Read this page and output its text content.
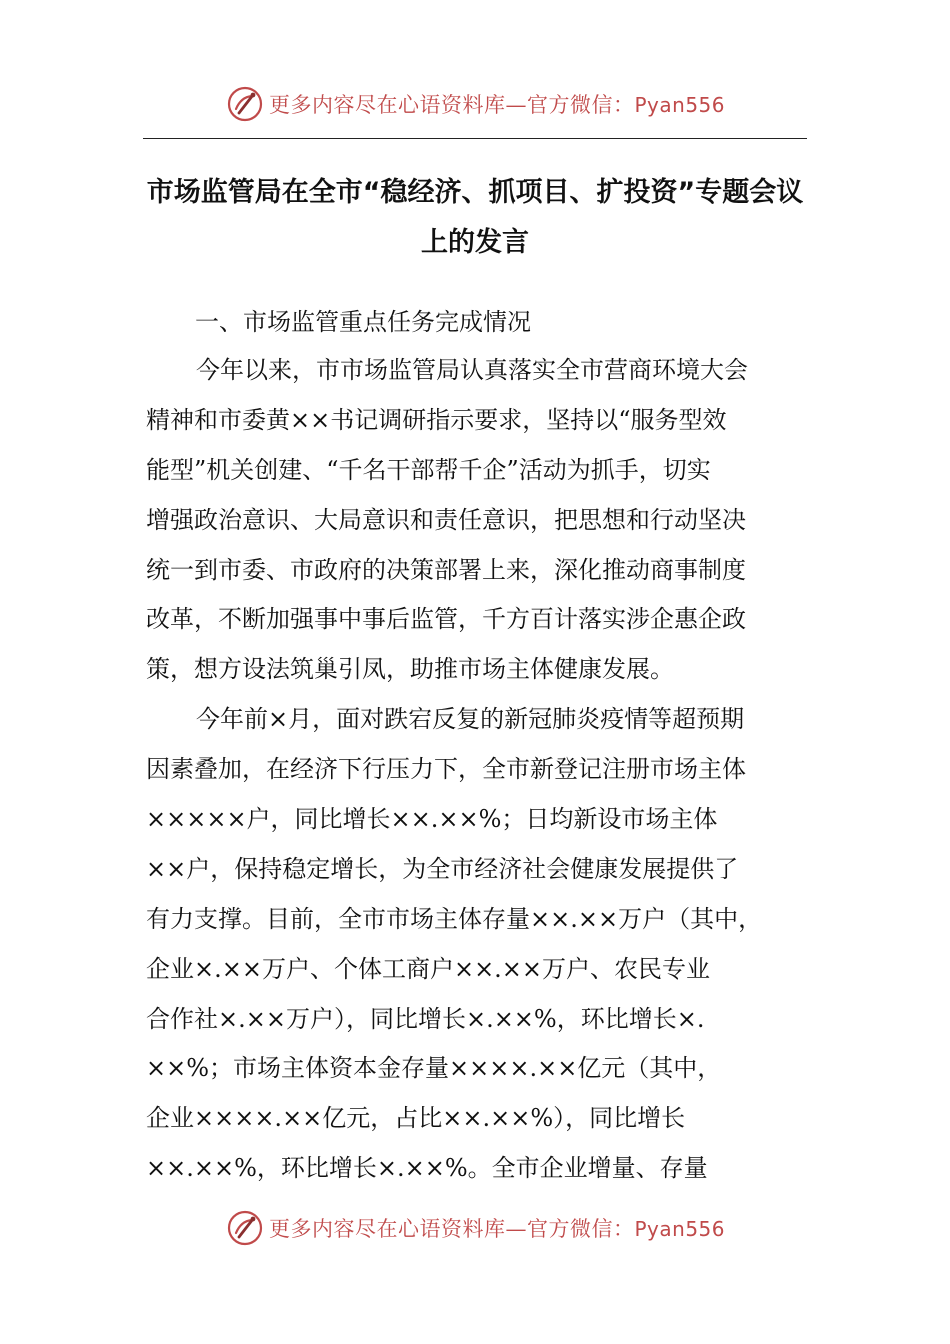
更多内容尽在心语资料库—官方微信：Pyan556
市场监管局在全市“稳经济、抓项目、扩投资”专题会议
上的发言
一、市场监管重点任务完成情况
今年以来，市市场监管局认真落实全市营商环境大会
精神和市委黄××书记调研指示要求，坚持以“服务型效
能型”机关创建、“千名干部帮千企”活动为抓手，切实
增强政治意识、大局意识和责任意识，把思想和行动坚决
统一到市委、市政府的决策部署上来，深化推动商事制度
改革，不断加强事中事后监管，千方百计落实涉企惠企政
策，想方设法筑巢引凤，助推市场主体健康发展。
今年前×月，面对跌宕反复的新冠肺炎疫情等超预期
因素叠加，在经济下行压力下，全市新登记注册市场主体
×××××户，同比增长××.××%；日均新设市场主体
××户，保持稳定增长，为全市经济社会健康发展提供了
有力支撑。目前，全市市场主体存量××.××万户（其中，
企业×.××万户、个体工商户××.××万户、农民专业
合作社×.××万户），同比增长×.××%，环比增长×.
××%；市场主体资本金存量××××.××亿元（其中，
企业××××.××亿元，占比××.××%），同比增长
××.××%，环比增长×.××%。全市企业增量、存量
更多内容尽在心语资料库—官方微信：Pyan556
